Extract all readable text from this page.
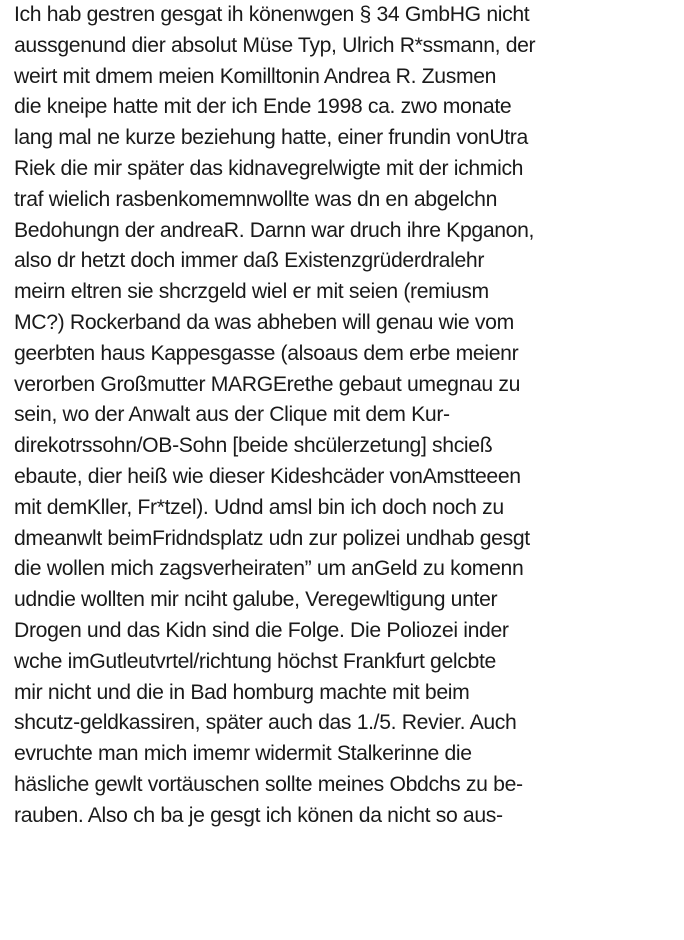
Ich hab gestren gesgat ih könenwgen § 34 GmbHG nicht
aussgenund dier absolut Müse Typ, Ulrich R*ssmann, der
weirt mit dmem meien Komilltonin Andrea R. Zusmen
die kneipe hatte mit der ich Ende 1998 ca. zwo monate
lang mal ne kurze beziehung hatte, einer frundin vonUtra
Riek die mir später das kidnavegrelwigte mit der ichmich
traf wielich rasbenkomemnwollte was dn en abgelchn
Bedohungn der andreaR. Darnn war druch ihre Kpganon,
also dr hetzt doch immer daß Existenzgrüderdralehr
meirn eltren sie shcrzgeld wiel er mit seien (remiusm
MC?) Rockerband da was abheben will genau wie vom
geerbten haus Kappesgasse (alsoaus dem erbe meienr
verorben Großmutter MARGErethe gebaut umegnau zu
sein, wo der Anwalt aus der Clique mit dem Kur-
direkotrssohn/OB-Sohn [beide shcülerzetung] shcieß
ebaute, dier heiß wie dieser Kideshcäder vonAmstteeen
mit demKller, Fr*tzel). Udnd amsl bin ich doch noch zu
dmeanwlt beimFridndsplatz udn zur polizei undhab gesgt
die wollen mich zagsverheiraten” um anGeld zu komenn
udndie wollten mir nciht galube, Veregewltigung unter
Drogen und das Kidn sind die Folge. Die Poliozei inder
wche imGutleutvrtel/richtung höchst Frankfurt gelcbte
mir nicht und die in Bad homburg machte mit beim
shcutz-geldkassiren, später auch das 1./5. Revier. Auch
evruchte man mich imemr widermit Stalkerinne die
häsliche gewlt vortäuschen sollte meines Obdchs zu be-
rauben. Also ch ba je gesgt ich könen da nicht so aus-
